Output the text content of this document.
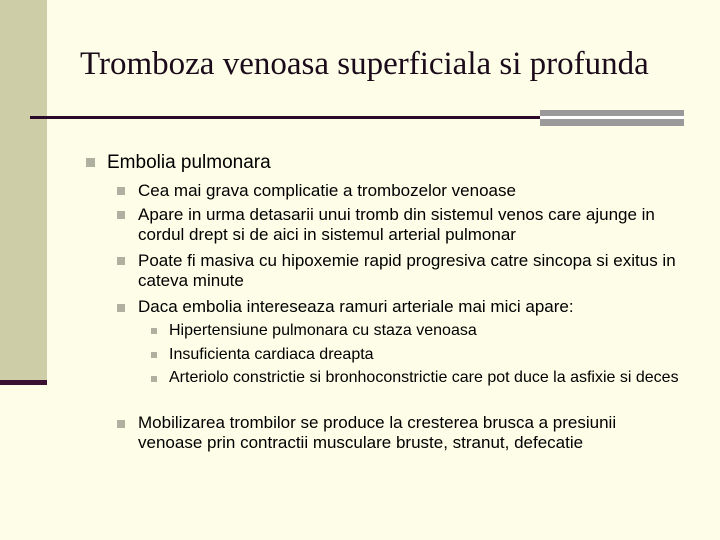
Tromboza venoasa superficiala si profunda
Embolia pulmonara
Cea mai grava complicatie a trombozelor venoase
Apare in urma detasarii unui tromb din sistemul venos care ajunge in cordul drept si de aici in sistemul arterial pulmonar
Poate fi masiva cu hipoxemie rapid progresiva catre sincopa si exitus in cateva minute
Daca embolia intereseaza ramuri arteriale mai mici apare:
Hipertensiune pulmonara cu staza venoasa
Insuficienta cardiaca dreapta
Arteriolo constrictie si bronhoconstrictie care pot duce la asfixie si deces
Mobilizarea trombilor se produce la cresterea brusca a presiunii venoase prin contractii musculare bruste, stranut, defecatie
